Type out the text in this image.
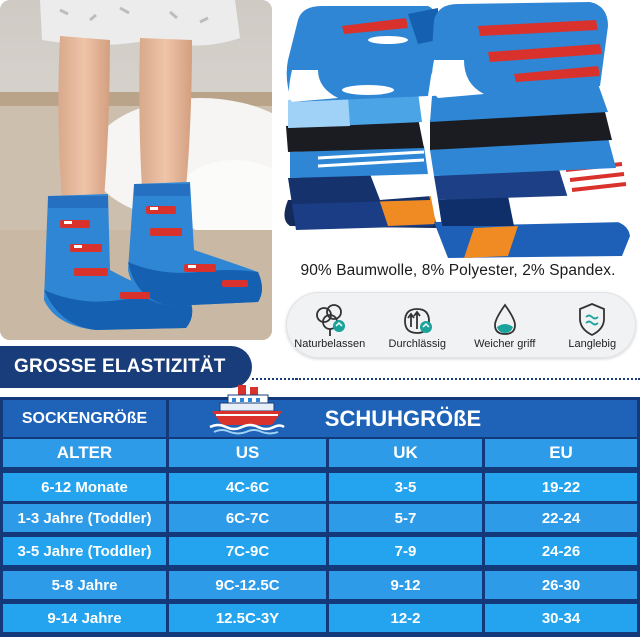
90% Baumwolle, 8% Polyester, 2% Spandex.
Naturbelassen Durchlässig	Weicher griff	Langlebig
GROSSE ELASTIZITÄT
SOCKENGRÖßE	SCHUHGRÖßE
ALTER	US	UK	EU
6-12 Monate	4C-6C	3-5	19-22
1-3 Jahre (Toddler)	6C-7C	5-7	22-24
3-5 Jahre (Toddler)	7C-9C	7-9	24-26
5-8 Jahre	9C-12.5C	9-12	26-30
9-14 Jahre	12.5C-3Y	12-2	30-34
